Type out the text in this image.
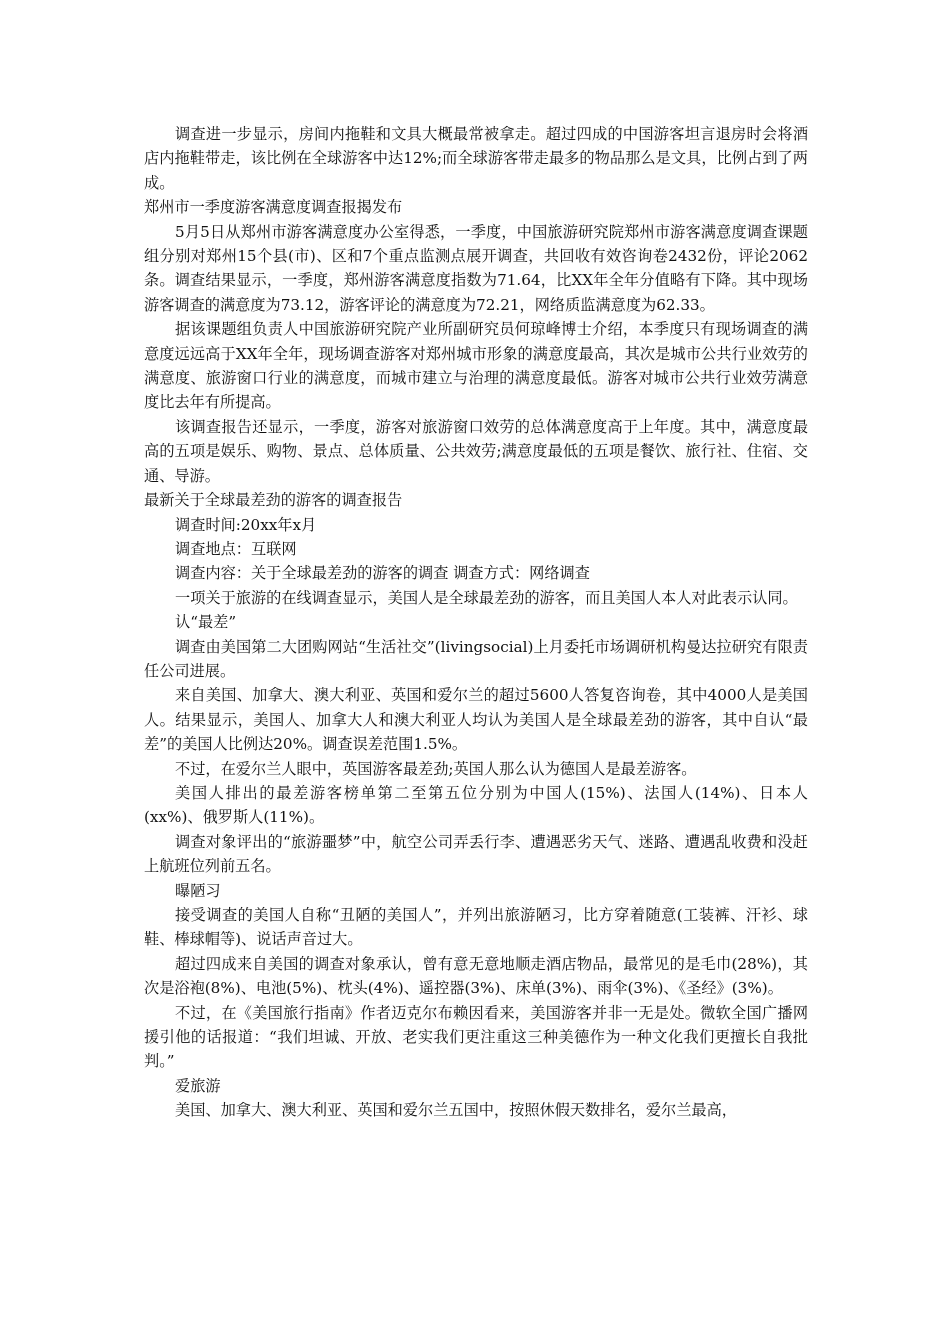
调查进一步显示，房间内拖鞋和文具大概最常被拿走。超过四成的中国游客坦言退房时会将酒店内拖鞋带走，该比例在全球游客中达12%;而全球游客带走最多的物品那么是文具，比例占到了两成。

郑州市一季度游客满意度调查报揭发布

5月5日从郑州市游客满意度办公室得悉，一季度，中国旅游研究院郑州市游客满意度调查课题组分别对郑州15个县(市)、区和7个重点监测点展开调查，共回收有效咨询卷2432份，评论2062条。调查结果显示，一季度，郑州游客满意度指数为71.64，比XX年全年分值略有下降。其中现场游客调查的满意度为73.12，游客评论的满意度为72.21，网络质监满意度为62.33。

据该课题组负责人中国旅游研究院产业所副研究员何琼峰博士介绍，本季度只有现场调查的满意度远远高于XX年全年，现场调查游客对郑州城市形象的满意度最高，其次是城市公共行业效劳的满意度、旅游窗口行业的满意度，而城市建立与治理的满意度最低。游客对城市公共行业效劳满意度比去年有所提高。

该调查报告还显示，一季度，游客对旅游窗口效劳的总体满意度高于上年度。其中，满意度最高的五项是娱乐、购物、景点、总体质量、公共效劳;满意度最低的五项是餐饮、旅行社、住宿、交通、导游。

最新关于全球最差劲的游客的调查报告

调查时间:20xx年x月

调查地点：互联网

调查内容：关于全球最差劲的游客的调查 调查方式：网络调查

一项关于旅游的在线调查显示，美国人是全球最差劲的游客，而且美国人本人对此表示认同。

认“最差”

调查由美国第二大团购网站“生活社交”(livingsocial)上月委托市场调研机构曼达拉研究有限责任公司进展。

来自美国、加拿大、澳大利亚、英国和爱尔兰的超过5600人答复咨询卷，其中4000人是美国人。结果显示，美国人、加拿大人和澳大利亚人均认为美国人是全球最差劲的游客，其中自认“最差”的美国人比例达20%。调查误差范围1.5%。

不过，在爱尔兰人眼中，英国游客最差劲;英国人那么认为德国人是最差游客。

美国人排出的最差游客榜单第二至第五位分别为中国人(15%)、法国人(14%)、日本人(xx%)、俄罗斯人(11%)。

调查对象评出的“旅游噩梦”中，航空公司弄丢行李、遭遇恶劣天气、迷路、遭遇乱收费和没赶上航班位列前五名。

曝陋习

接受调查的美国人自称“丑陋的美国人”，并列出旅游陋习，比方穿着随意(工装裤、汗衫、球鞋、棒球帽等)、说话声音过大。

超过四成来自美国的调查对象承认，曾有意无意地顺走酒店物品，最常见的是毛巾(28%)，其次是浴袍(8%)、电池(5%)、枕头(4%)、遥控器(3%)、床单(3%)、雨伞(3%)、《圣经》(3%)。

不过，在《美国旅行指南》作者迈克尔布赖因看来，美国游客并非一无是处。微软全国广播网援引他的话报道：“我们坦诚、开放、老实我们更注重这三种美德作为一种文化我们更擅长自我批判。”

爱旅游

美国、加拿大、澳大利亚、英国和爱尔兰五国中，按照休假天数排名，爱尔兰最高，
